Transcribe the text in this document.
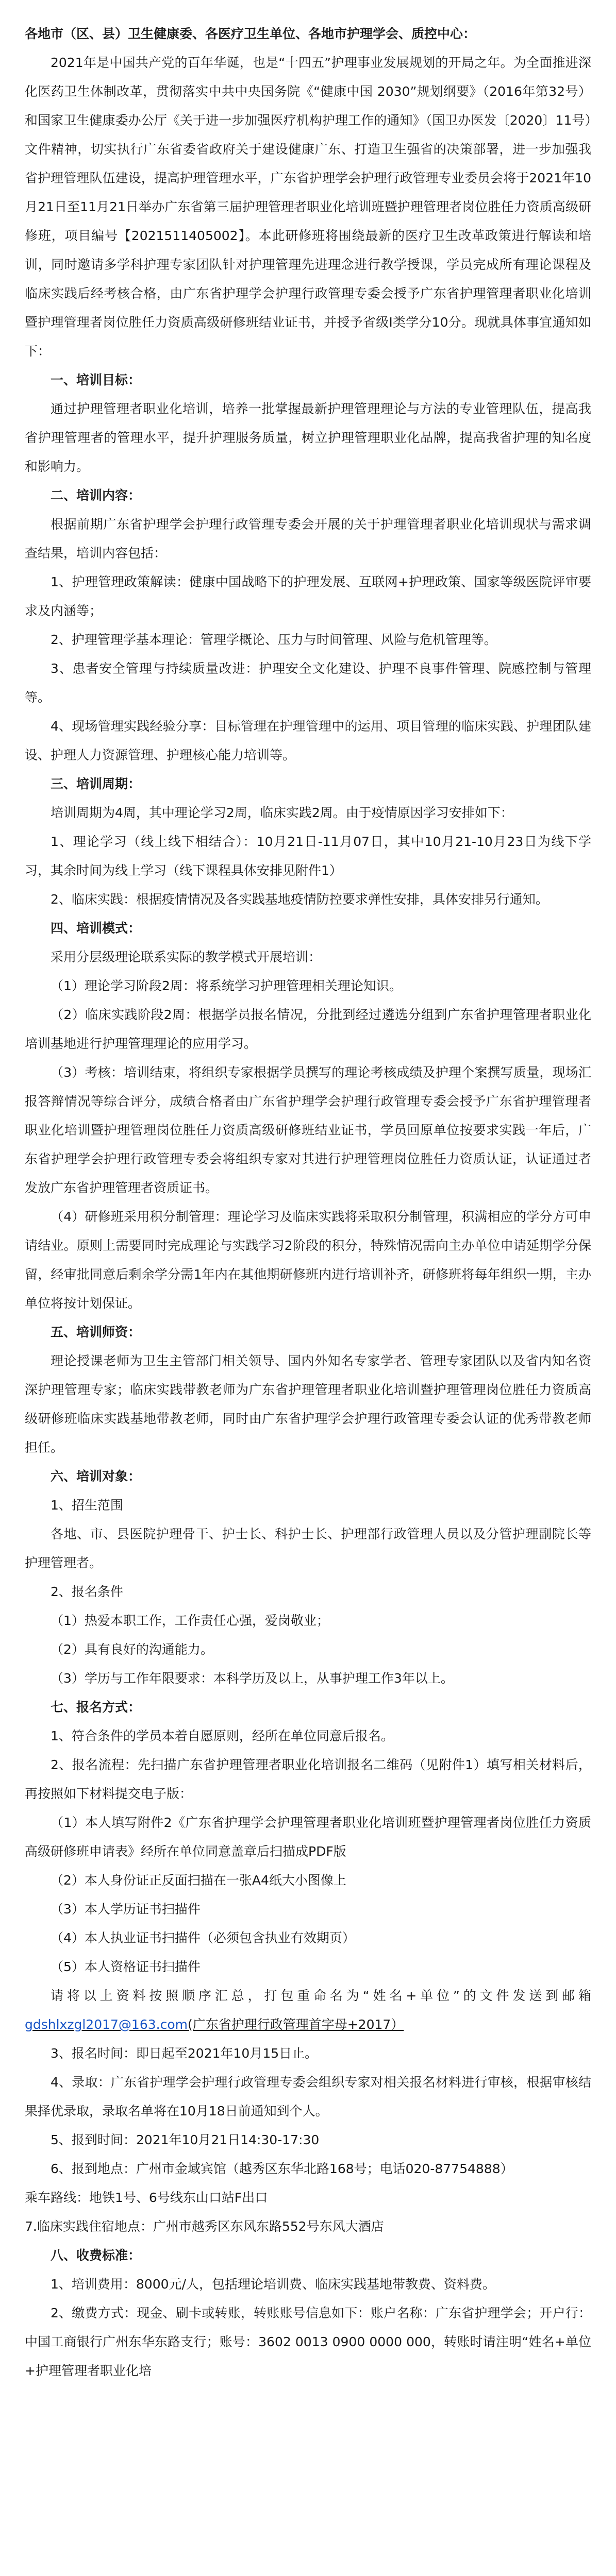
各地市（区、县）卫生健康委、各医疗卫生单位、各地市护理学会、质控中心：

2021年是中国共产党的百年华诞，也是“十四五”护理事业发展规划的开局之年。为全面推进深化医药卫生体制改革，贯彻落实中共中央国务院《“健康中国 2030”规划纲要》（2016年第32号）和国家卫生健康委办公厅《关于进一步加强医疗机构护理工作的通知》（国卫办医发〔2020〕11号）文件精神，切实执行广东省委省政府关于建设健康广东、打造卫生强省的决策部署，进一步加强我省护理管理队伍建设，提高护理管理水平，广东省护理学会护理行政管理专业委员会将于2021年10月21日至11月21日举办广东省第三届护理管理者职业化培训班暨护理管理者岗位胜任力资质高级研修班，项目编号【2021511405002】。本此研修班将围绕最新的医疗卫生改革政策进行解读和培训，同时邀请多学科护理专家团队针对护理管理先进理念进行教学授课，学员完成所有理论课程及临床实践后经考核合格，由广东省护理学会护理行政管理专委会授予广东省护理管理者职业化培训暨护理管理者岗位胜任力资质高级研修班结业证书，并授予省级I类学分10分。现就具体事宜通知如下：

一、培训目标：

通过护理管理者职业化培训，培养一批掌握最新护理管理理论与方法的专业管理队伍，提高我省护理管理者的管理水平，提升护理服务质量，树立护理管理职业化品牌，提高我省护理的知名度和影响力。

二、培训内容：

根据前期广东省护理学会护理行政管理专委会开展的关于护理管理者职业化培训现状与需求调查结果，培训内容包括：

1、护理管理政策解读：健康中国战略下的护理发展、互联网+护理政策、国家等级医院评审要求及内涵等；

2、护理管理学基本理论：管理学概论、压力与时间管理、风险与危机管理等。

3、患者安全管理与持续质量改进：护理安全文化建设、护理不良事件管理、院感控制与管理等。

4、现场管理实践经验分享：目标管理在护理管理中的运用、项目管理的临床实践、护理团队建设、护理人力资源管理、护理核心能力培训等。

三、培训周期：

培训周期为4周，其中理论学习2周，临床实践2周。由于疫情原因学习安排如下：

1、理论学习（线上线下相结合）：10月21日-11月07日，其中10月21-10月23日为线下学习，其余时间为线上学习（线下课程具体安排见附件1）

2、临床实践：根据疫情情况及各实践基地疫情防控要求弹性安排，具体安排另行通知。

四、培训模式：

采用分层级理论联系实际的教学模式开展培训：

（1）理论学习阶段2周：将系统学习护理管理相关理论知识。

（2）临床实践阶段2周：根据学员报名情况，分批到经过遴选分组到广东省护理管理者职业化培训基地进行护理管理理论的应用学习。

（3）考核：培训结束，将组织专家根据学员撰写的理论考核成绩及护理个案撰写质量，现场汇报答辩情况等综合评分，成绩合格者由广东省护理学会护理行政管理专委会授予广东省护理管理者职业化培训暨护理管理岗位胜任力资质高级研修班结业证书，学员回原单位按要求实践一年后，广东省护理学会护理行政管理专委会将组织专家对其进行护理管理岗位胜任力资质认证，认证通过者发放广东省护理管理者资质证书。

（4）研修班采用积分制管理：理论学习及临床实践将采取积分制管理，积满相应的学分方可申请结业。原则上需要同时完成理论与实践学习2阶段的积分，特殊情况需向主办单位申请延期学分保留，经审批同意后剩余学分需1年内在其他期研修班内进行培训补齐，研修班将每年组织一期，主办单位将按计划保证。

五、培训师资：

理论授课老师为卫生主管部门相关领导、国内外知名专家学者、管理专家团队以及省内知名资深护理管理专家；临床实践带教老师为广东省护理管理者职业化培训暨护理管理岗位胜任力资质高级研修班临床实践基地带教老师，同时由广东省护理学会护理行政管理专委会认证的优秀带教老师担任。

六、培训对象：

1、招生范围

各地、市、县医院护理骨干、护士长、科护士长、护理部行政管理人员以及分管护理副院长等护理管理者。

2、报名条件

（1）热爱本职工作，工作责任心强，爱岗敬业；

（2）具有良好的沟通能力。

（3）学历与工作年限要求：本科学历及以上，从事护理工作3年以上。

七、报名方式：

1、符合条件的学员本着自愿原则，经所在单位同意后报名。

2、报名流程：先扫描广东省护理管理者职业化培训报名二维码（见附件1）填写相关材料后，再按照如下材料提交电子版：

（1）本人填写附件2《广东省护理学会护理管理者职业化培训班暨护理管理者岗位胜任力资质高级研修班申请表》经所在单位同意盖章后扫描成PDF版

（2）本人身份证正反面扫描在一张A4纸大小图像上

（3）本人学历证书扫描件

（4）本人执业证书扫描件（必须包含执业有效期页）

（5）本人资格证书扫描件

请将以上资料按照顺序汇总，打包重命名为“姓名+单位”的文件发送到邮箱 gdshlxzgl2017@163.com(广东省护理行政管理首字母+2017）

3、报名时间：即日起至2021年10月15日止。

4、录取：广东省护理学会护理行政管理专委会组织专家对相关报名材料进行审核，根据审核结果择优录取，录取名单将在10月18日前通知到个人。

5、报到时间：2021年10月21日14:30-17:30

6、报到地点：广州市金域宾馆（越秀区东华北路168号；电话020-87754888）

乘车路线：地铁1号、6号线东山口站F出口

7.临床实践住宿地点：广州市越秀区东风东路552号东风大酒店

八、收费标准：

1、培训费用：8000元/人，包括理论培训费、临床实践基地带教费、资料费。

2、缴费方式：现金、刷卡或转账，转账账号信息如下：账户名称：广东省护理学会；开户行：中国工商银行广州东华东路支行；账号：3602 0013 0900 0000 000，转账时请注明“姓名+单位+护理管理者职业化培
